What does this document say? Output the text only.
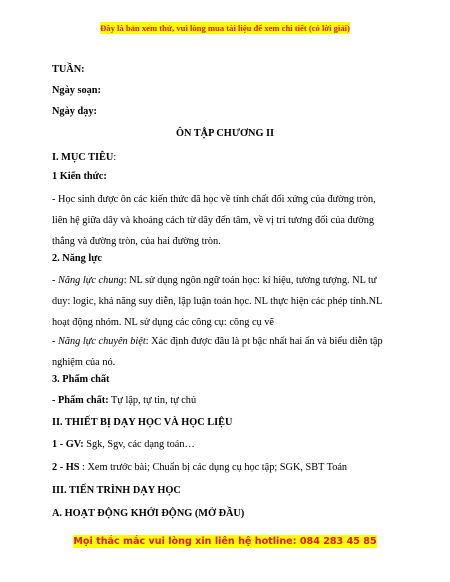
Đây là bản xem thử, vui lòng mua tài liệu để xem chi tiết (có lời giải)
TUẦN:
Ngày soạn:
Ngày dạy:
ÔN TẬP CHƯƠNG II
I. MỤC TIÊU:
1 Kiến thức:
- Học sinh được ôn các kiến thức đã học về tính chất đối xứng của đường tròn,
liên hệ giữa dây và khoảng cách từ dây đến tâm, về vị trí tương đối của đường
thẳng và đường tròn, của hai đường tròn.
2. Năng lực
- Năng lực chung: NL sử dụng ngôn ngữ toán học: kí hiệu, tương tượng. NL tư
duy: logic, khả năng suy diễn, lập luận toán học. NL thực hiện các phép tính.NL
hoạt động nhóm. NL sử dụng các công cụ: công cụ vẽ
- Năng lực chuyên biệt: Xác định được đâu là pt bậc nhất hai ẩn và biểu diễn tập
nghiệm của nó.
3. Phẩm chất
- Phẩm chất: Tự lập, tự tin, tự chủ
II. THIẾT BỊ DẠY HỌC VÀ HỌC LIỆU
1 - GV: Sgk, Sgv, các dạng toán…
2 - HS : Xem trước bài; Chuẩn bị các dụng cụ học tập; SGK, SBT Toán
III. TIẾN TRÌNH DẠY HỌC
A. HOẠT ĐỘNG KHỞI ĐỘNG (MỞ ĐẦU)
Mọi thắc mắc vui lòng xin liên hệ hotline: 084 283 45 85
